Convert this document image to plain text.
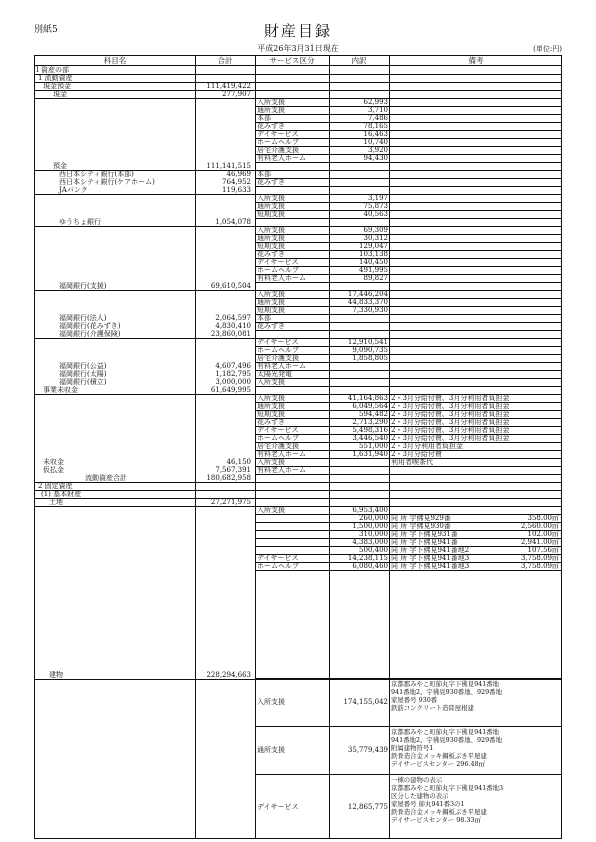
別紙5	財産目録
平成26年3月31日現在	(単位:円)
科目名	合計	サービス区分	内訳	備考
I 資産の部
1 流動資産
現金預金	111,419,422
現金	277,907
入所支援	62,993
通所支援	3,710
本部	7,486
花みずき	78,165
デイサービス	16,463
ホームヘルプ	10,740
居宅介護支援	3,920
有料老人ホーム	94,430
預金	111,141,515
西日本シティ銀行(本部)	46,969 本部
西日本シティ銀行(ケアホーム)	764,952 花みずき
JAバンク	119,633
入所支援	3,197
通所支援	75,873
短期支援	40,563
ゆうちょ銀行	1,054,078
入所支援	69,309
通所支援	30,312
短期支援	129,047
花みずき	103,138
デイサービス	140,450
ホームヘルプ	491,995
有料老人ホーム	89,827
福岡銀行(支援)	69,610,504
入所支援	17,446,204
通所支援	44,833,370
短期支援	7,330,930
福岡銀行(法人)	2,064,597 本部
福岡銀行(花みずき)	4,830,410 花みずき
福岡銀行(介護保険)	23,860,081
デイサービス	12,910,541
ホームヘルプ	9,090,735
居宅介護支援	1,858,805
福岡銀行(公益)	4,607,496 有料老人ホーム
福岡銀行(太陽)	1,182,795 太陽光発電
福岡銀行(積立)	3,000,000 入所支援
事業未収金	61,649,995
入所支援	41,164,863 2・3月分給付費、3月分利用者負担金
通所支援	6,049,564 2・3月分給付費、3月分利用者負担金
短期支援	594,482 2・3月分給付費、3月分利用者負担金
花みずき	2,713,290 2・3月分給付費、3月分利用者負担金
デイサービス	5,498,316 2・3月分給付費、3月分利用者負担金
ホームヘルプ	3,446,540 2・3月分給付費、3月分利用者負担金
居宅介護支援	551,000 2・3月分利用者負担金
有料老人ホーム	1,631,940 2・3月分給付費
未収金	46,150 入所支援	利用者喫茶代
仮払金	7,567,391 有料老人ホーム
流動資産合計	180,682,958
2 固定資産
(1) 基本財産
土地	27,271,975
入所支援	6,953,400
260,000 同 所 宇佛見929番	358.00㎡
1,500,000 同 所 宇佛見930番	2,560.00㎡
310,000 同 所 字下佛見931番	102.00㎡
4,383,000 同 所 字下佛見941番	2,941.00㎡
500,400 同 所 字下佛見941番地2	107.56㎡
デイサービス	14,238,115 同 所 字下佛見941番地3	3,758.09㎡
ホームヘルプ	6,080,460 同 所 字下佛見941番地3	3,758.09㎡
建物	228,294,663
入所支援	174,155,042
京都郡みやこ町節丸字下佛見941番地
941番地2、宇佛見930番地、929番地
家屋番号 930番
鉄筋コンクリート造陸屋根建
通所支援	35,779,439
京都郡みやこ町節丸字下佛見941番地
941番地2、宇佛見930番地、929番地
附属建物符号1
鉄骨造合金メッキ鋼板ぶき平屋建
デイサービスセンター 296.48㎡
デイサービス	12,865,775
一棟の建物の表示
京都郡みやこ町節丸字下佛見941番地3
区分した建物の表示
家屋番号 節丸941番3の1
鉄骨造合金メッキ鋼板ぶき平屋建
デイサービスセンター 98.33㎡
